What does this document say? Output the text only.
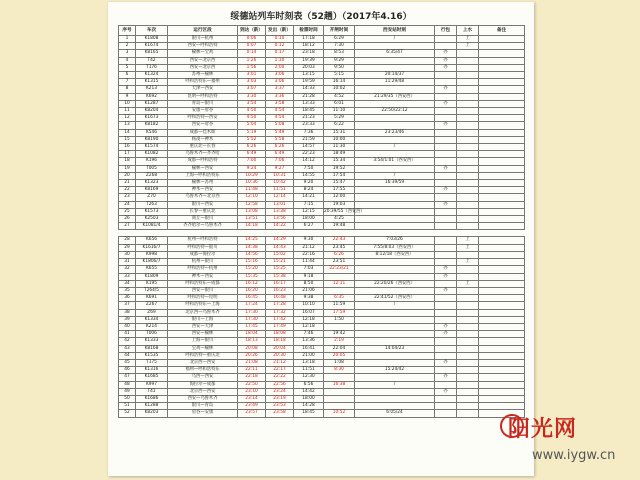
绥德站列车时刻表（52趟）（2017年4.16）
序号	车次	运行区段	到达（新）	发出（新）	检票时间	开闸时间	西安站时刻	行包	上水	备注
1	K1808	银川—杭州	0:06	0:10	17:18	6:29	/		上	
2	K1674	西安—呼和浩特	0:07	0:12	18:12	7:30			上	
3	K8165	榆林—宝鸡	0:14	0:17	23:18	8:53	6:35/47	办		
4	T42	西安—北京西	1:26	1:30	19:39	9:29		办		
5	T176	西安—北京西	1:56	2:00	20:03	9:50		办		
6	K1324	苏州—榆林	3:01	3:06	13:15	5:15	20:14/37			
7	K1315	呼和浩特东—福州	3:03	3:06	19:59	16:14	11:29/48			
8	K213	天津—西安	3:07	3:37	14:33	10:02		办		
9	K692	昆明—呼和浩特	3:30	3:36	21:28	4:52	21:29/35（西安西）			
10	K1287	青岛—银川	3:54	3:58	13:33	6:01		办		
11	K8204	安康—府谷	4:50	4:54	18:45	11:10	22:50/22:12			
12	K1673	呼和浩特—西安	4:50	4:54	21:23	5:29				
13	K8182	西安—府谷	5:04	5:08	23:33	6:22		办		
14	K546	成都—佳木斯	5:19	5:49	7:36	15:31	23:23/46			
15	K8190	杨凌—神木	5:52	5:58	21:59	10:00				
16	K1574	重庆北—长春	6:26	6:26	14:57	11:30	/			
17	K1082	乌鲁木齐—齐齐哈	6:49	6:49	22:23	18:49				
18	K196	成都—呼和浩特	7:00	7:06	14:12	15:34	3:54/1:01（西安西）			
19	T005	榆林—西安	9:24	9:27	7:50	19:52		办		
20	Z268	上海—呼和浩特东	10:29	10:31	14:55	17:54	/			
21	K1323	榆林—苏州	10:36	10:42	9:20	15:47	16:39/59			
22	K8169	神木—西安	11:48	11:51	8:24	17:55		办		
23	Z70	乌鲁木齐—北京西	12:10	12:14	14:21	12:00				
24	T263	银川—西安	12:58	13:01	7:15	19:03		办		
25	K1573	长春—重庆北	13:08	13:38	12:15	20:39/55（西安西）				
26	K2503	商丘—银川	13:51	13:56	18:00	4:25				
27	K1081/4	齐齐哈尔—乌鲁木齐	14:18	14:22	6:27	19:48				

28	K656	杭州—呼和浩特	14:25	14:29	9:30	22:43	7:03/26		上	
29	K1616/7	呼和浩特—银川	14:38	14:43	21:12	23:45	7:55/8:03（西安西）		上	
30	K998	成都—海拉尔	14:56	15:02	22:16	6:26	8:12/18（西安西）			
31	K1806/7	杭州—银川	15:16	15:21	11:44	23:51			上	
32	K655	呼和浩特—杭州	15:20	15:25	7:03	22:23/21		办		
33	K1809	神木—西安	15:35	15:38	9:18			办		
34	K195	呼和浩特东—成都	16:12	16:17	8:50	12:11	22:20/26（西安西）		上	
35	T264/5	西安—银川	16:20	16:23	21:06			办		
36	K691	呼和浩特—昆明	16:45	16:48	9:38	6:35	22:41/52（西安西）			
37	Z267	呼和浩特东—上海	17:24	17:28	10:10	11:59	/			
38	Z69	北京西—乌鲁木齐	17:30	17:32	16:07	17:59				
39	K1334	银川—上海	17:30	17:42	12:18	1:50				
40	K214	西安—天津	17:45	17:49	12:18			办		
41	T006	西安—榆林	18:04	18:08	7:46	19:42		办		
42	K1333	上海—银川	18:13	18:18	13:36	2:19				
43	K8168	宝鸡—榆林	20:08	20:04	16:41	22:04	14:04/23			
44	K1535	呼和浩特—重庆北	20:26	20:30	21:00	20:05				
45	T175	北京西—西安	21:08	21:12	13:18	1:08		办		
46	K1316	福州—呼和浩特东	22:11	22:17	11:51	8:30	15:24/42			
47	K1685	乌西—西安	22:18	22:22	12:30			办		
48	K997	海拉尔—成都	22:50	22:56	6:56	16:38	/			
49	T41	北京西—西安	23:10	23:24	14:42			办		
50	K1686	西安—乌鲁木齐	23:14	23:19	18:00					
51	K1288	银川—青岛	23:49	23:53	14:28					
52	K8203	府谷—安康	23:57	23:58	18:45	10:52	6:05/24			
阳光网
www.iygw.cn
